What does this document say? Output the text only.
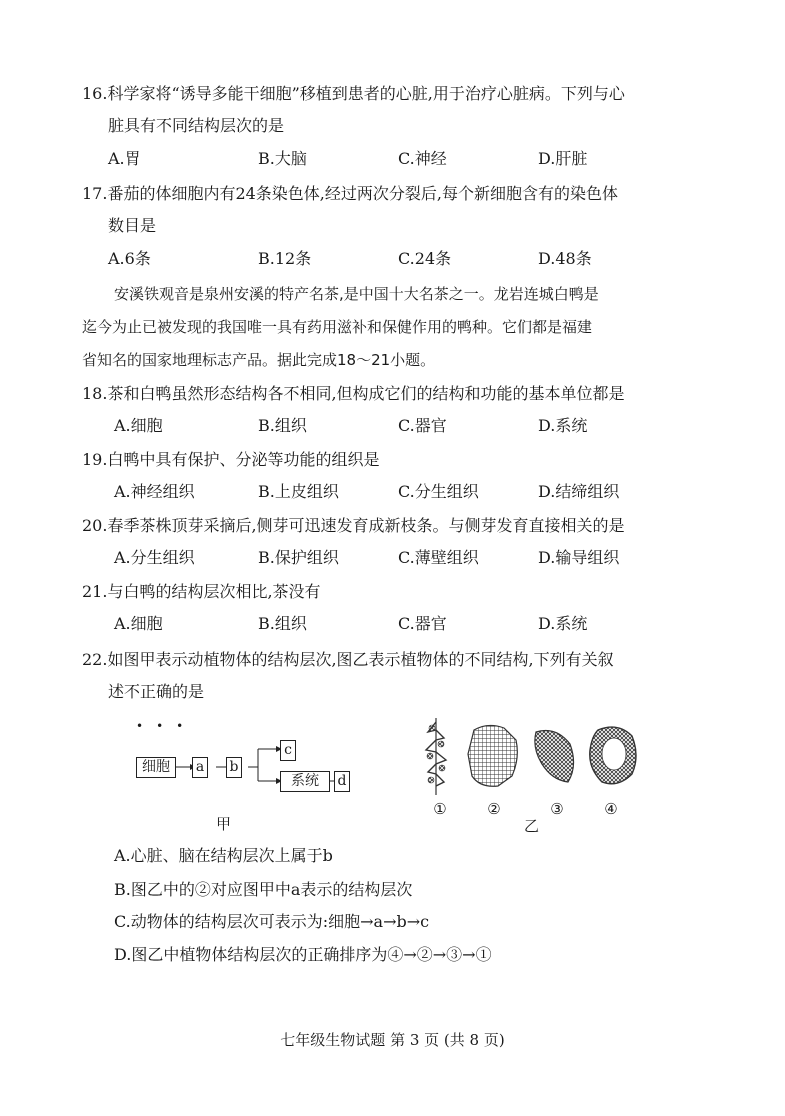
16.科学家将“诱导多能干细胞”移植到患者的心脏,用于治疗心脏病。下列与心
脏具有不同结构层次的是
A.胃	B.大脑	C.神经	D.肝脏
17.番茄的体细胞内有24条染色体,经过两次分裂后,每个新细胞含有的染色体
数目是
A.6条	B.12条	C.24条	D.48条
安溪铁观音是泉州安溪的特产名茶,是中国十大名茶之一。龙岩连城白鸭是
迄今为止已被发现的我国唯一具有药用滋补和保健作用的鸭种。它们都是福建
省知名的国家地理标志产品。据此完成18～21小题。
18.茶和白鸭虽然形态结构各不相同,但构成它们的结构和功能的基本单位都是
A.细胞	B.组织	C.器官	D.系统
19.白鸭中具有保护、分泌等功能的组织是
A.神经组织	B.上皮组织	C.分生组织	D.结缔组织
20.春季茶株顶芽采摘后,侧芽可迅速发育成新枝条。与侧芽发育直接相关的是
A.分生组织	B.保护组织	C.薄壁组织	D.输导组织
21.与白鸭的结构层次相比,茶没有
A.细胞	B.组织	C.器官	D.系统
22.如图甲表示动植物体的结构层次,图乙表示植物体的不同结构,下列有关叙
述不正确的是
•••
细胞	a b
c
系统	d
甲
①	②	③	④
乙
A.心脏、脑在结构层次上属于b
B.图乙中的②对应图甲中a表示的结构层次
C.动物体的结构层次可表示为:细胞→a→b→c
D.图乙中植物体结构层次的正确排序为④→②→③→①
七年级生物试题 第 3 页 (共 8 页)
